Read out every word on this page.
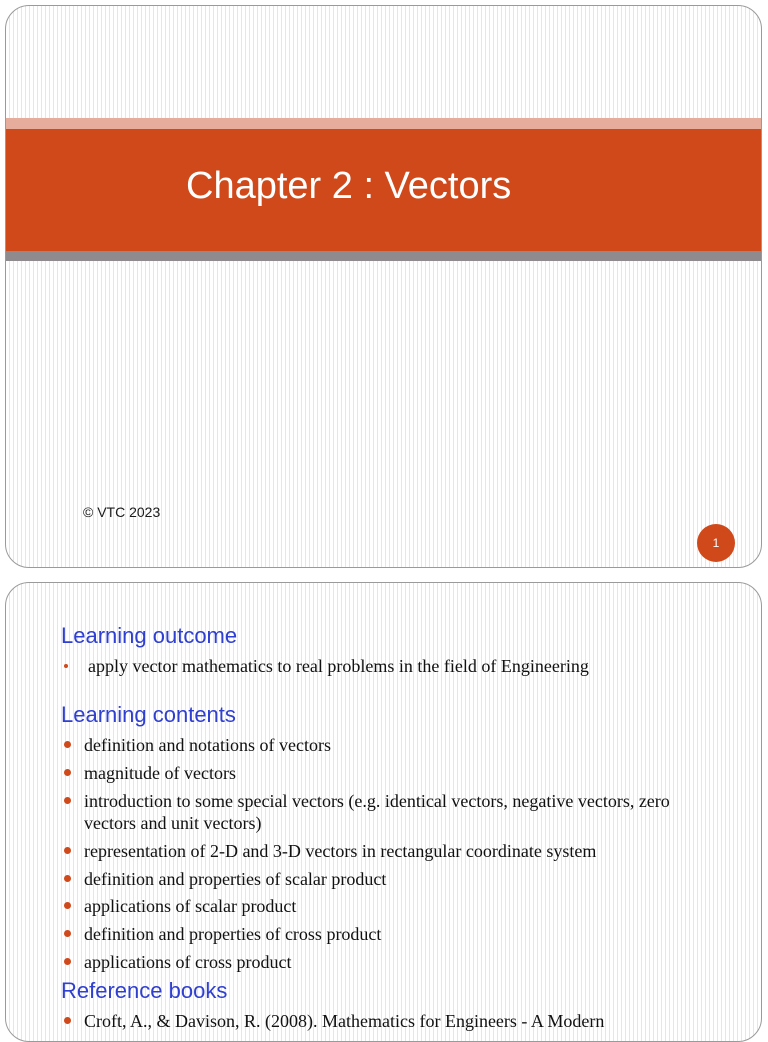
Chapter 2 : Vectors
© VTC 2023
1
Learning outcome
apply vector mathematics to real problems in the field of Engineering
Learning contents
definition and notations of vectors
magnitude of vectors
introduction to some special vectors (e.g. identical vectors, negative vectors, zero vectors and unit vectors)
representation of 2-D and 3-D vectors in rectangular coordinate system
definition and properties of scalar product
applications of scalar product
definition and properties of cross product
applications of cross product
Reference books
Croft, A., & Davison, R. (2008). Mathematics for Engineers - A Modern
